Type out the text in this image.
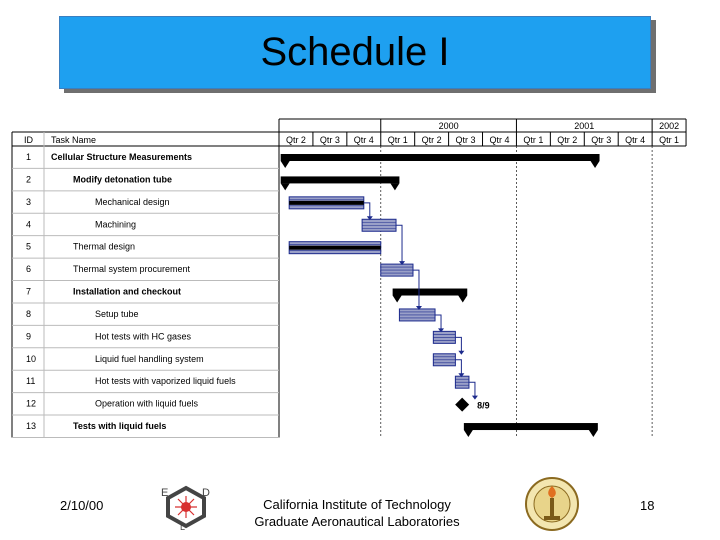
Schedule I
ID Task Name
2000	2001	2002
Qtr 2 Qtr 3 Qtr 4 Qtr 1 Qtr 2 Qtr 3 Qtr 4 Qtr 1 Qtr 2 Qtr 3 Qtr 4 Qtr 1
1 Cellular Structure Measurements
2	Modify detonation tube
3	Mechanical design
4	Machining
5	Thermal design
6	Thermal system procurement
7	Installation and checkout
8	Setup tube
9	Hot tests with HC gases
10	Liquid fuel handling system
11	Hot tests with vaporized liquid fuels
12	Operation with liquid fuels	8/9
13	Tests with liquid fuels
2/10/00
E	D
L
California Institute of Technology
Graduate Aeronautical Laboratories
18
